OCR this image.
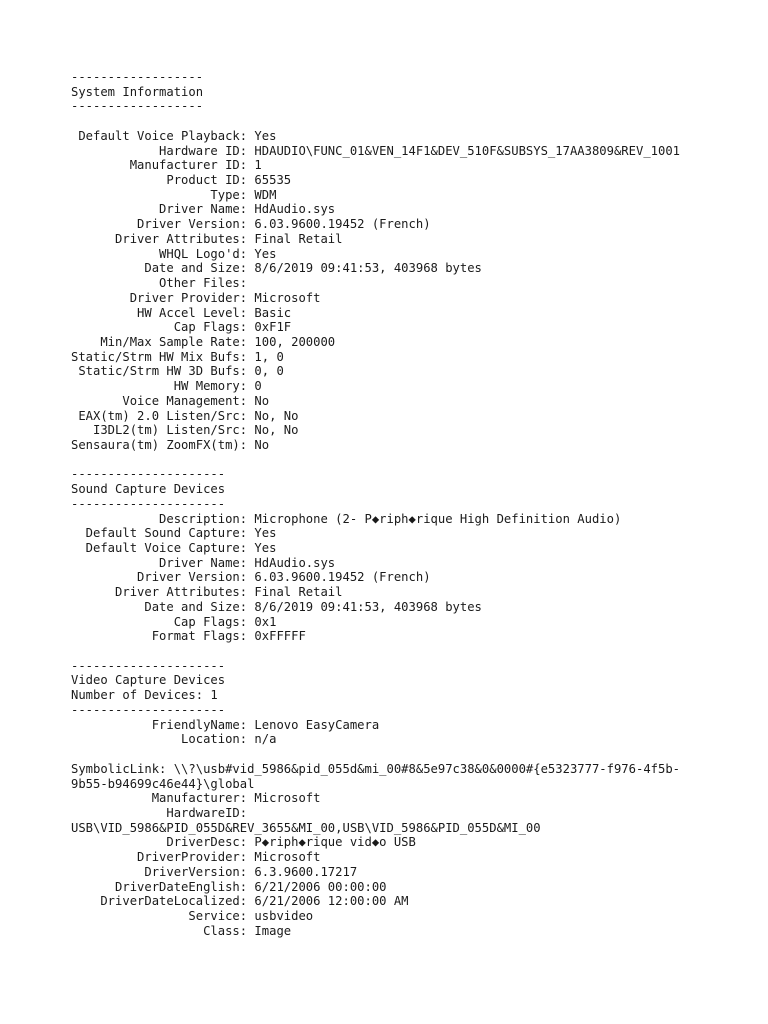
------------------
System Information
------------------
Default Voice Playback: Yes
Hardware ID: HDAUDIO\FUNC_01&VEN_14F1&DEV_510F&SUBSYS_17AA3809&REV_1001
Manufacturer ID: 1
Product ID: 65535
Type: WDM
Driver Name: HdAudio.sys
Driver Version: 6.03.9600.19452 (French)
Driver Attributes: Final Retail
WHQL Logo'd: Yes
Date and Size: 8/6/2019 09:41:53, 403968 bytes
Other Files:
Driver Provider: Microsoft
HW Accel Level: Basic
Cap Flags: 0xF1F
Min/Max Sample Rate: 100, 200000
Static/Strm HW Mix Bufs: 1, 0
Static/Strm HW 3D Bufs: 0, 0
HW Memory: 0
Voice Management: No
EAX(tm) 2.0 Listen/Src: No, No
I3DL2(tm) Listen/Src: No, No
Sensaura(tm) ZoomFX(tm): No
---------------------
Sound Capture Devices
---------------------
Description: Microphone (2- P◆riph◆rique High Definition Audio)
Default Sound Capture: Yes
Default Voice Capture: Yes
Driver Name: HdAudio.sys
Driver Version: 6.03.9600.19452 (French)
Driver Attributes: Final Retail
Date and Size: 8/6/2019 09:41:53, 403968 bytes
Cap Flags: 0x1
Format Flags: 0xFFFFF
---------------------
Video Capture Devices
Number of Devices: 1
---------------------
FriendlyName: Lenovo EasyCamera
Location: n/a
SymbolicLink: \\?\usb#vid_5986&pid_055d&mi_00#8&5e97c38&0&0000#{e5323777-f976-4f5b-
9b55-b94699c46e44}\global
Manufacturer: Microsoft
HardwareID:
USB\VID_5986&PID_055D&REV_3655&MI_00,USB\VID_5986&PID_055D&MI_00
DriverDesc: P◆riph◆rique vid◆o USB
DriverProvider: Microsoft
DriverVersion: 6.3.9600.17217
DriverDateEnglish: 6/21/2006 00:00:00
DriverDateLocalized: 6/21/2006 12:00:00 AM
Service: usbvideo
Class: Image
